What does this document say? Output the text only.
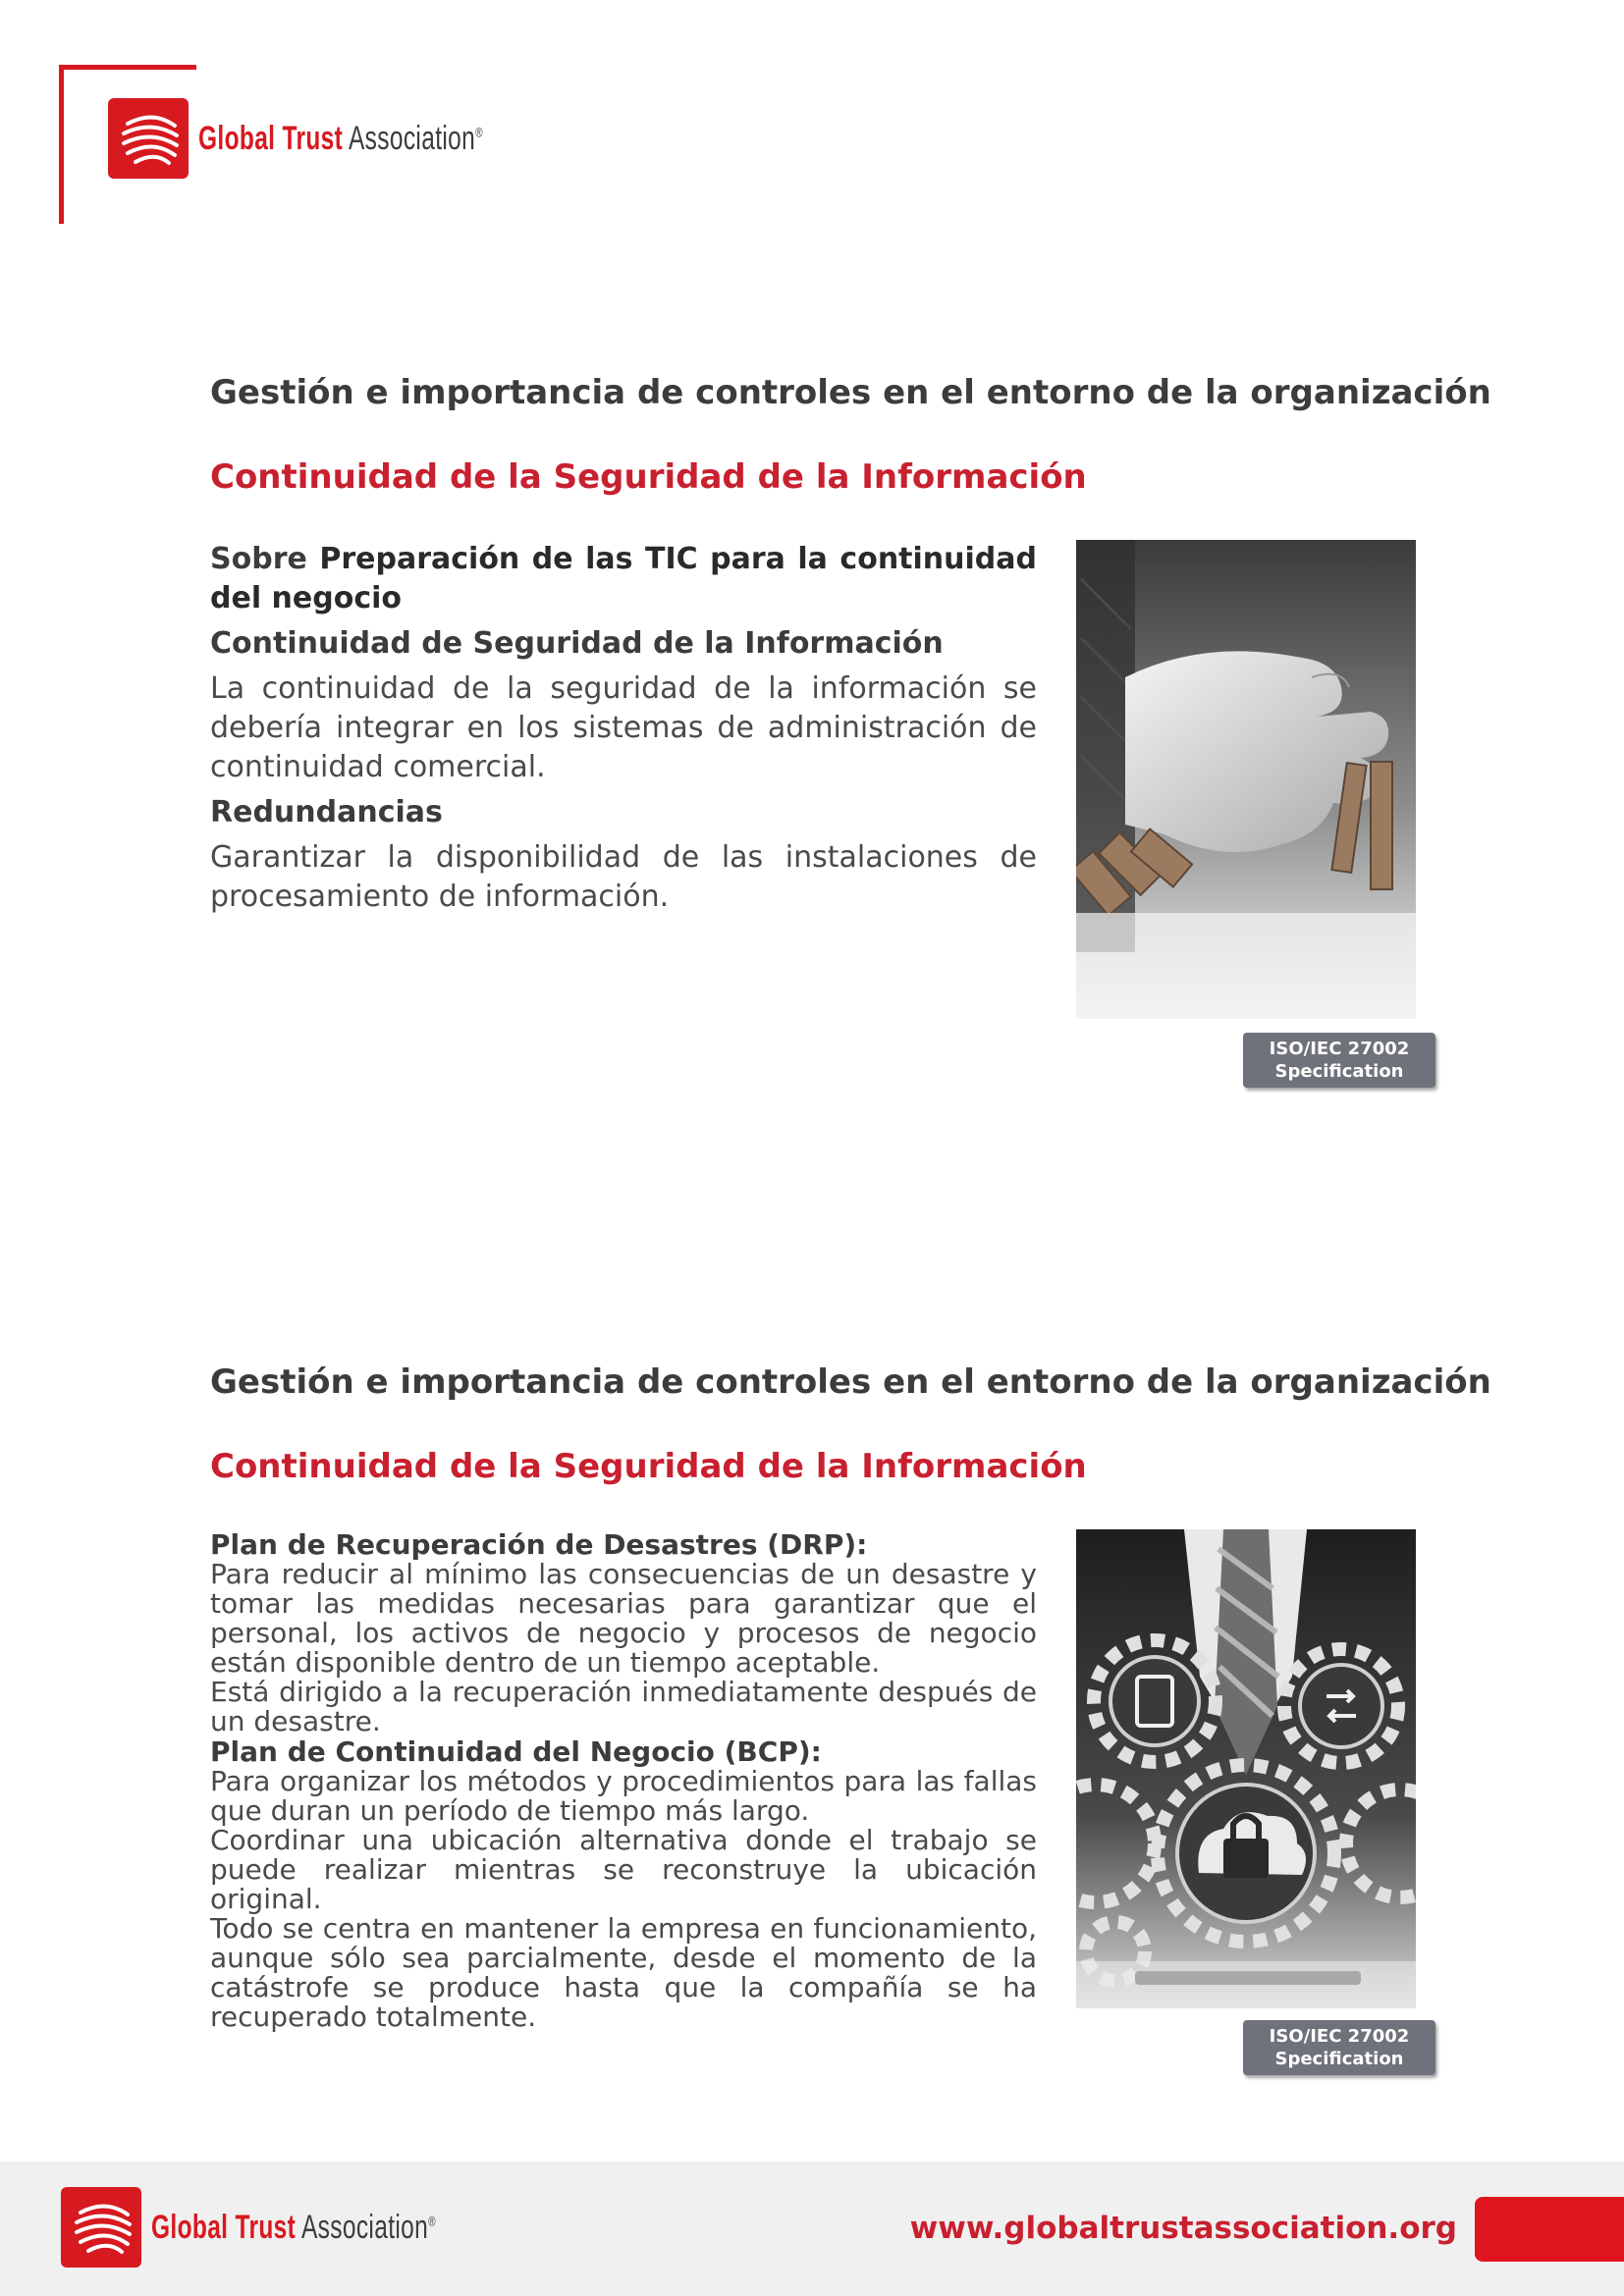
Global Trust Association®
Gestión e importancia de controles en el entorno de la organización
Continuidad de la Seguridad de la Información

Sobre Preparación de las TIC para la continuidad del negocio

Continuidad de Seguridad de la Información

La continuidad de la seguridad de la información se debería integrar en los sistemas de administración de continuidad comercial.

Redundancias

Garantizar la disponibilidad de las instalaciones de procesamiento de información.

ISO/IEC 27002
Specification
Gestión e importancia de controles en el entorno de la organización
Continuidad de la Seguridad de la Información

Plan de Recuperación de Desastres (DRP):

Para reducir al mínimo las consecuencias de un desastre y tomar las medidas necesarias para garantizar que el personal, los activos de negocio y procesos de negocio están disponible dentro de un tiempo aceptable.

Está dirigido a la recuperación inmediatamente después de un desastre.

Plan de Continuidad del Negocio (BCP):

Para organizar los métodos y procedimientos para las fallas que duran un período de tiempo más largo.

Coordinar una ubicación alternativa donde el trabajo se puede realizar mientras se reconstruye la ubicación original.

Todo se centra en mantener la empresa en funcionamiento, aunque sólo sea parcialmente, desde el momento de la catástrofe se produce hasta que la compañía se ha recuperado totalmente.

ISO/IEC 27002
Specification
www.globaltrustassociation.org
Global Trust Association®
